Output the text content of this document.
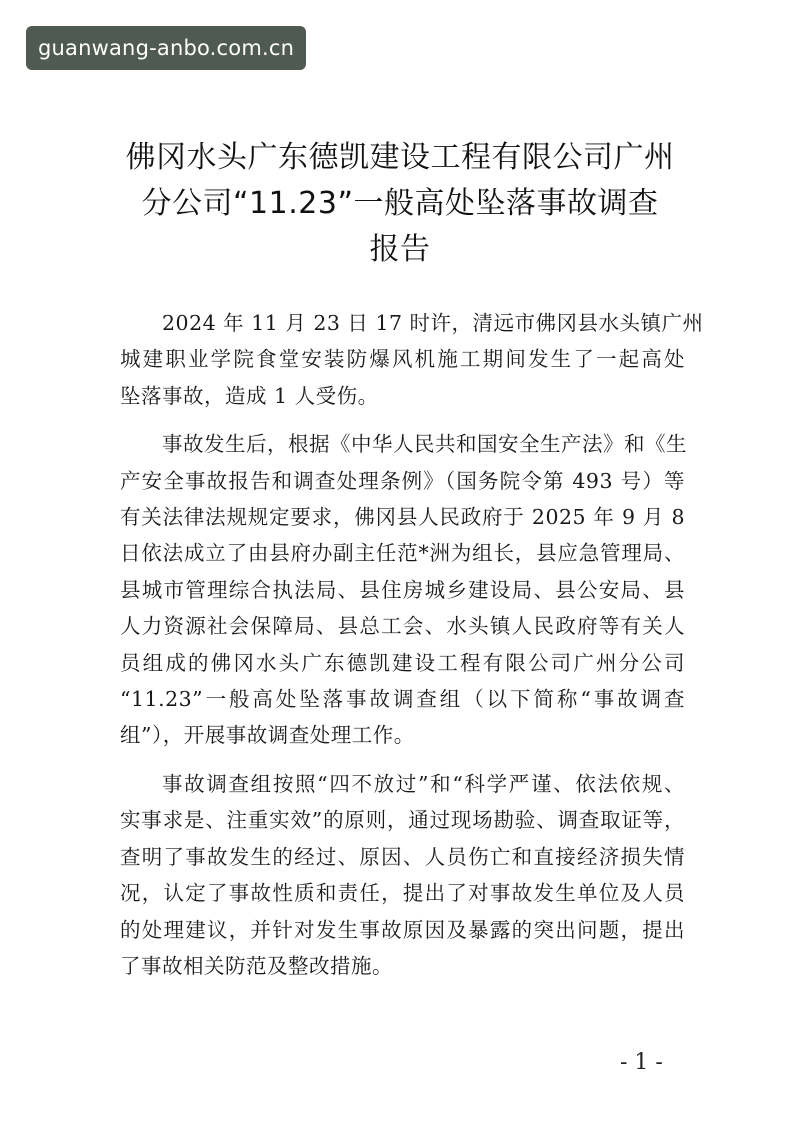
guanwang-anbo.com.cn
佛冈水头广东德凯建设工程有限公司广州
分公司“11.23”一般高处坠落事故调查
报告
2024 年 11 月 23 日 17 时许，清远市佛冈县水头镇广州
城建职业学院食堂安装防爆风机施工期间发生了一起高处
坠落事故，造成 1 人受伤。
事故发生后，根据《中华人民共和国安全生产法》和《生
产安全事故报告和调查处理条例》（国务院令第 493 号）等
有关法律法规规定要求，佛冈县人民政府于 2025 年 9 月 8
日依法成立了由县府办副主任范*洲为组长，县应急管理局、
县城市管理综合执法局、县住房城乡建设局、县公安局、县
人力资源社会保障局、县总工会、水头镇人民政府等有关人
员组成的佛冈水头广东德凯建设工程有限公司广州分公司
“11.23”一般高处坠落事故调查组（以下简称“事故调查
组”），开展事故调查处理工作。
事故调查组按照“四不放过”和“科学严谨、依法依规、
实事求是、注重实效”的原则，通过现场勘验、调查取证等，
查明了事故发生的经过、原因、人员伤亡和直接经济损失情
况，认定了事故性质和责任，提出了对事故发生单位及人员
的处理建议，并针对发生事故原因及暴露的突出问题，提出
了事故相关防范及整改措施。
- 1 -
